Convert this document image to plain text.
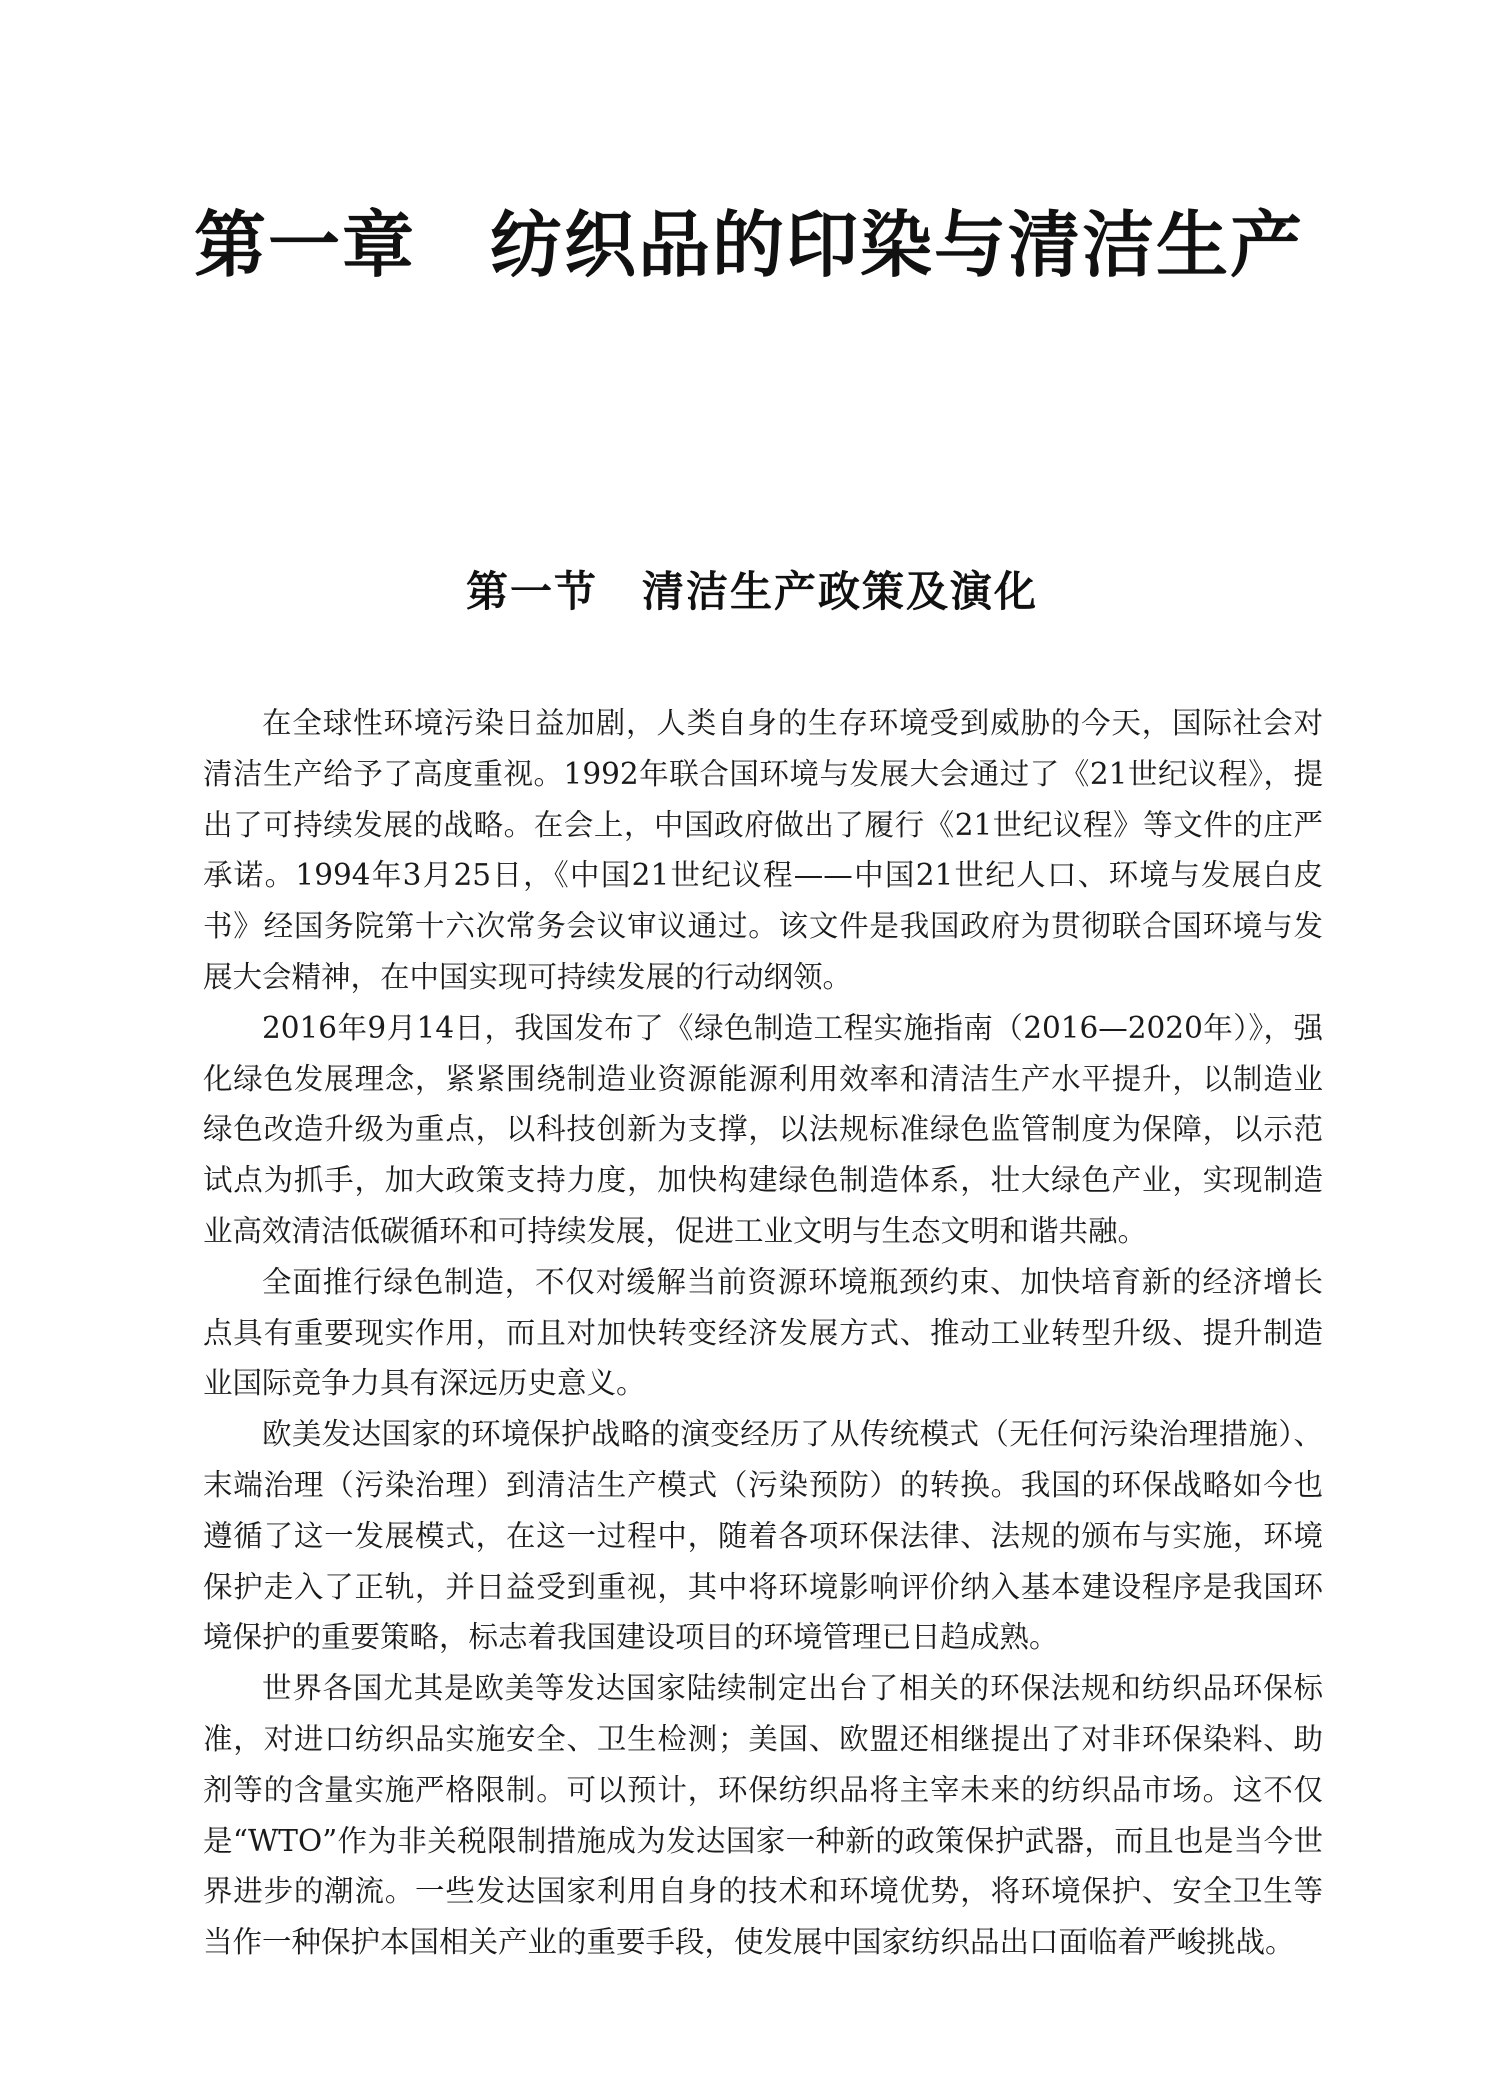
第一章　纺织品的印染与清洁生产
第一节　清洁生产政策及演化

在全球性环境污染日益加剧，人类自身的生存环境受到威胁的今天，国际社会对清洁生产给予了高度重视。1992年联合国环境与发展大会通过了《21世纪议程》，提出了可持续发展的战略。在会上，中国政府做出了履行《21世纪议程》等文件的庄严承诺。1994年3月25日，《中国21世纪议程——中国21世纪人口、环境与发展白皮书》经国务院第十六次常务会议审议通过。该文件是我国政府为贯彻联合国环境与发展大会精神，在中国实现可持续发展的行动纲领。

2016年9月14日，我国发布了《绿色制造工程实施指南（2016—2020年）》，强化绿色发展理念，紧紧围绕制造业资源能源利用效率和清洁生产水平提升，以制造业绿色改造升级为重点，以科技创新为支撑，以法规标准绿色监管制度为保障，以示范试点为抓手，加大政策支持力度，加快构建绿色制造体系，壮大绿色产业，实现制造业高效清洁低碳循环和可持续发展，促进工业文明与生态文明和谐共融。

全面推行绿色制造，不仅对缓解当前资源环境瓶颈约束、加快培育新的经济增长点具有重要现实作用，而且对加快转变经济发展方式、推动工业转型升级、提升制造业国际竞争力具有深远历史意义。

欧美发达国家的环境保护战略的演变经历了从传统模式（无任何污染治理措施）、末端治理（污染治理）到清洁生产模式（污染预防）的转换。我国的环保战略如今也遵循了这一发展模式，在这一过程中，随着各项环保法律、法规的颁布与实施，环境保护走入了正轨，并日益受到重视，其中将环境影响评价纳入基本建设程序是我国环境保护的重要策略，标志着我国建设项目的环境管理已日趋成熟。

世界各国尤其是欧美等发达国家陆续制定出台了相关的环保法规和纺织品环保标准，对进口纺织品实施安全、卫生检测；美国、欧盟还相继提出了对非环保染料、助剂等的含量实施严格限制。可以预计，环保纺织品将主宰未来的纺织品市场。这不仅是“WTO”作为非关税限制措施成为发达国家一种新的政策保护武器，而且也是当今世界进步的潮流。一些发达国家利用自身的技术和环境优势，将环境保护、安全卫生等当作一种保护本国相关产业的重要手段，使发展中国家纺织品出口面临着严峻挑战。
